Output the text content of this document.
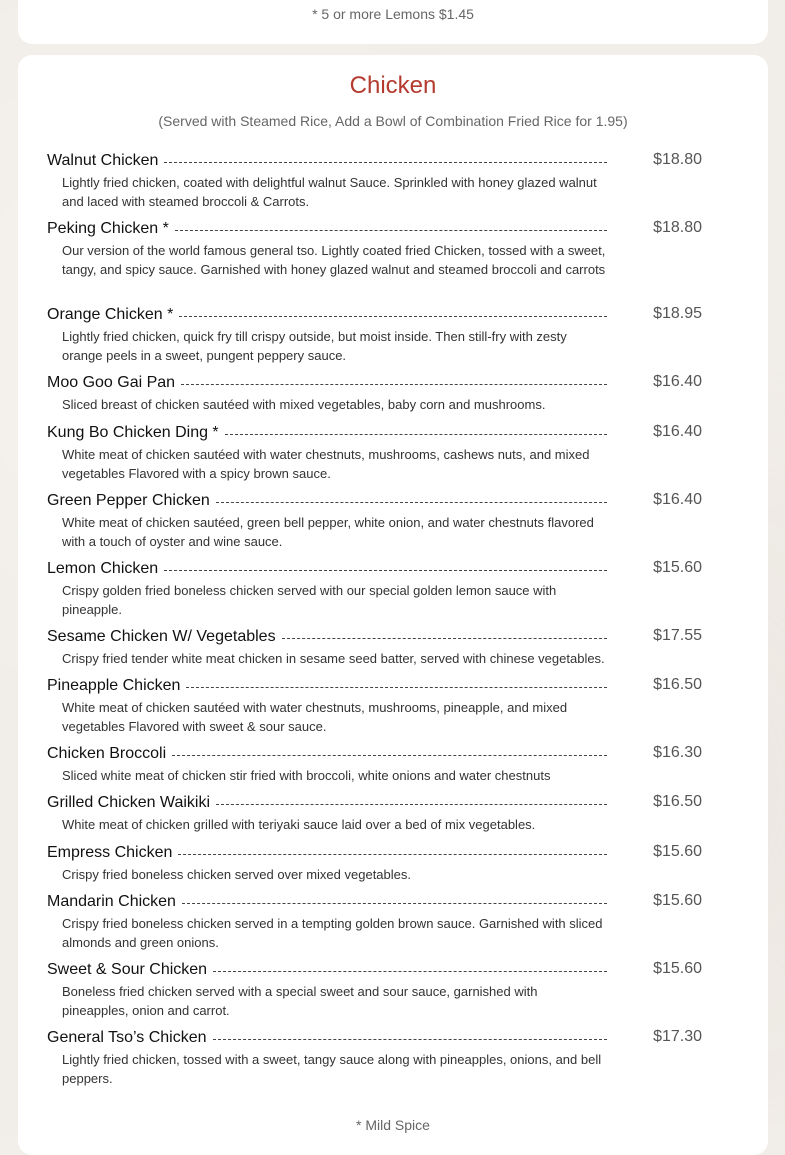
* 5 or more Lemons $1.45
Chicken
(Served with Steamed Rice, Add a Bowl of Combination Fried Rice for 1.95)
Walnut Chicken	$18.80
Lightly fried chicken, coated with delightful walnut Sauce. Sprinkled with honey glazed walnut and laced with steamed broccoli & Carrots.
Peking Chicken *	$18.80
Our version of the world famous general tso. Lightly coated fried Chicken, tossed with a sweet, tangy, and spicy sauce. Garnished with honey glazed walnut and steamed broccoli and carrots
Orange Chicken *	$18.95
Lightly fried chicken, quick fry till crispy outside, but moist inside. Then still-fry with zesty orange peels in a sweet, pungent peppery sauce.
Moo Goo Gai Pan	$16.40
Sliced breast of chicken sautéed with mixed vegetables, baby corn and mushrooms.
Kung Bo Chicken Ding *	$16.40
White meat of chicken sautéed with water chestnuts, mushrooms, cashews nuts, and mixed vegetables Flavored with a spicy brown sauce.
Green Pepper Chicken	$16.40
White meat of chicken sautéed, green bell pepper, white onion, and water chestnuts flavored with a touch of oyster and wine sauce.
Lemon Chicken	$15.60
Crispy golden fried boneless chicken served with our special golden lemon sauce with pineapple.
Sesame Chicken W/ Vegetables	$17.55
Crispy fried tender white meat chicken in sesame seed batter, served with chinese vegetables.
Pineapple Chicken	$16.50
White meat of chicken sautéed with water chestnuts, mushrooms, pineapple, and mixed vegetables Flavored with sweet & sour sauce.
Chicken Broccoli	$16.30
Sliced white meat of chicken stir fried with broccoli, white onions and water chestnuts
Grilled Chicken Waikiki	$16.50
White meat of chicken grilled with teriyaki sauce laid over a bed of mix vegetables.
Empress Chicken	$15.60
Crispy fried boneless chicken served over mixed vegetables.
Mandarin Chicken	$15.60
Crispy fried boneless chicken served in a tempting golden brown sauce. Garnished with sliced almonds and green onions.
Sweet & Sour Chicken	$15.60
Boneless fried chicken served with a special sweet and sour sauce, garnished with pineapples, onion and carrot.
General Tso’s Chicken	$17.30
Lightly fried chicken, tossed with a sweet, tangy sauce along with pineapples, onions, and bell peppers.
* Mild Spice
